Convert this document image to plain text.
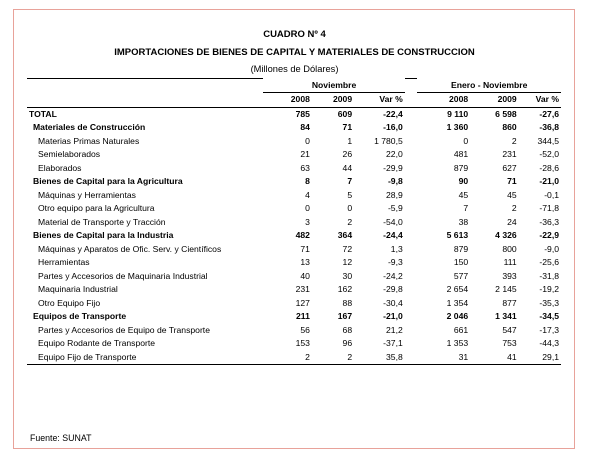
CUADRO Nº 4
IMPORTACIONES DE BIENES DE CAPITAL Y MATERIALES DE CONSTRUCCION
(Millones de Dólares)
	Noviembre				Enero - Noviembre		
	2008	2009	Var %		2008	2009	Var %
TOTAL	785	609	-22,4		9 110	6 598	-27,6
Materiales de Construcción	84	71	-16,0		1 360	860	-36,8
Materias Primas Naturales	0	1	1 780,5		0	2	344,5
Semielaborados	21	26	22,0		481	231	-52,0
Elaborados	63	44	-29,9		879	627	-28,6
Bienes de Capital para la Agricultura	8	7	-9,8		90	71	-21,0
Máquinas y Herramientas	4	5	28,9		45	45	-0,1
Otro equipo para la Agricultura	0	0	-5,9		7	2	-71,8
Material de Transporte y Tracción	3	2	-54,0		38	24	-36,3
Bienes de Capital para la Industria	482	364	-24,4		5 613	4 326	-22,9
Máquinas y Aparatos de Ofic. Serv. y Científicos	71	72	1,3		879	800	-9,0
Herramientas	13	12	-9,3		150	111	-25,6
Partes y Accesorios de Maquinaria Industrial	40	30	-24,2		577	393	-31,8
Maquinaria Industrial	231	162	-29,8		2 654	2 145	-19,2
Otro Equipo Fijo	127	88	-30,4		1 354	877	-35,3
Equipos de Transporte	211	167	-21,0		2 046	1 341	-34,5
Partes y Accesorios de Equipo de Transporte	56	68	21,2		661	547	-17,3
Equipo Rodante de Transporte	153	96	-37,1		1 353	753	-44,3
Equipo Fijo de Transporte	2	2	35,8		31	41	29,1
Fuente: SUNAT
